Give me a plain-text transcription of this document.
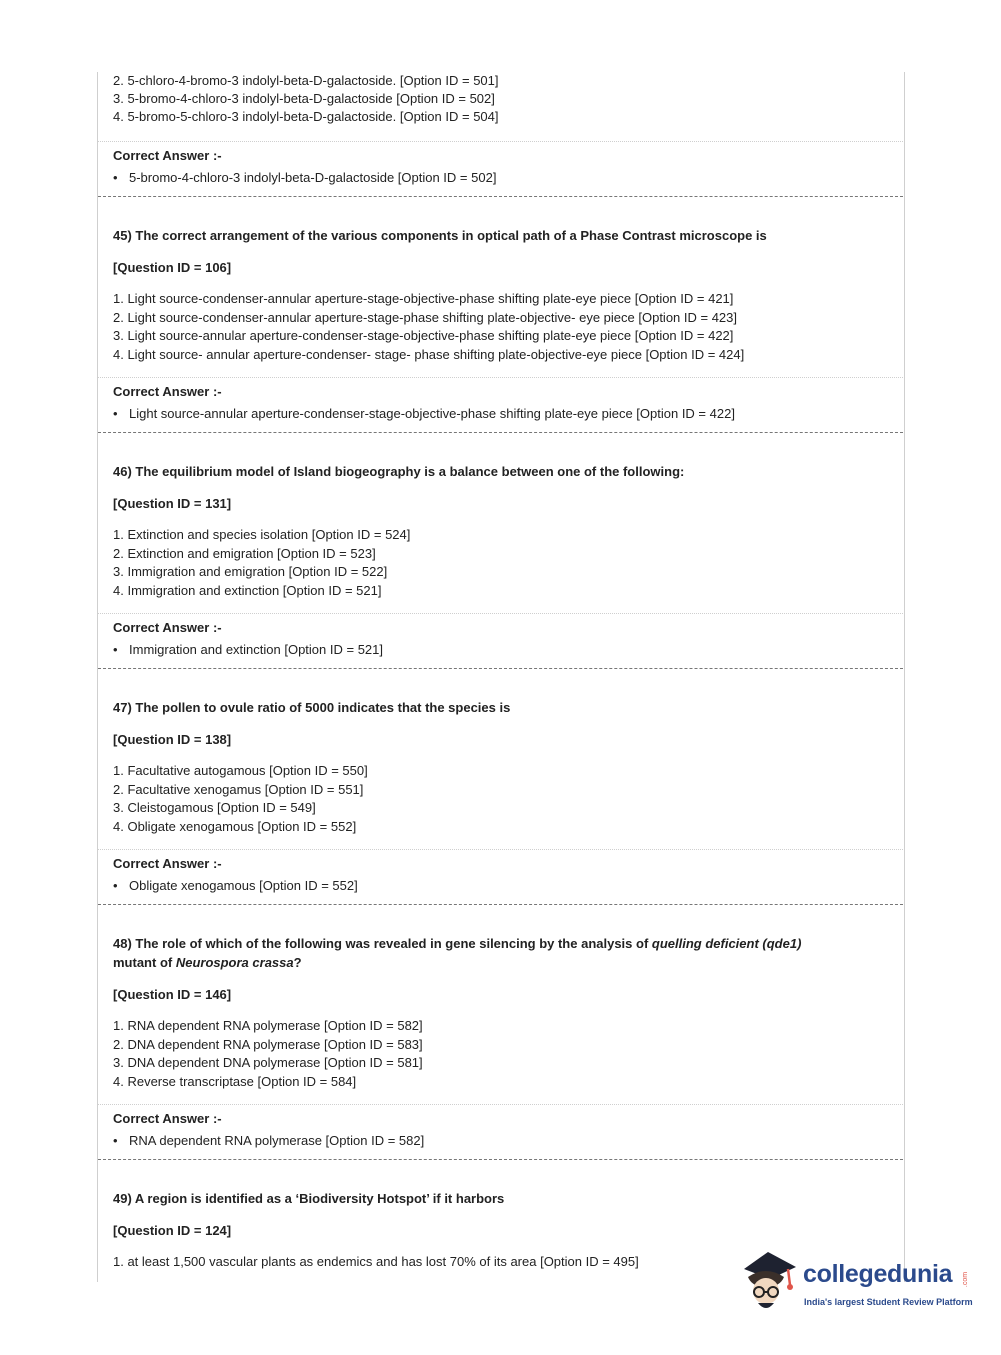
2. 5-chloro-4-bromo-3 indolyl-beta-D-galactoside. [Option ID = 501]
3. 5-bromo-4-chloro-3 indolyl-beta-D-galactoside [Option ID = 502]
4. 5-bromo-5-chloro-3 indolyl-beta-D-galactoside. [Option ID = 504]
Correct Answer :-
• 5-bromo-4-chloro-3 indolyl-beta-D-galactoside [Option ID = 502]
45) The correct arrangement of the various components in optical path of a Phase Contrast microscope is
[Question ID = 106]
1. Light source-condenser-annular aperture-stage-objective-phase shifting plate-eye piece [Option ID = 421]
2. Light source-condenser-annular aperture-stage-phase shifting plate-objective- eye piece [Option ID = 423]
3. Light source-annular aperture-condenser-stage-objective-phase shifting plate-eye piece [Option ID = 422]
4. Light source- annular aperture-condenser- stage- phase shifting plate-objective-eye piece [Option ID = 424]
Correct Answer :-
• Light source-annular aperture-condenser-stage-objective-phase shifting plate-eye piece [Option ID = 422]
46) The equilibrium model of Island biogeography is a balance between one of the following:
[Question ID = 131]
1. Extinction and species isolation [Option ID = 524]
2. Extinction and emigration [Option ID = 523]
3. Immigration and emigration [Option ID = 522]
4. Immigration and extinction [Option ID = 521]
Correct Answer :-
• Immigration and extinction [Option ID = 521]
47) The pollen to ovule ratio of 5000 indicates that the species is
[Question ID = 138]
1. Facultative autogamous [Option ID = 550]
2. Facultative xenogamus [Option ID = 551]
3. Cleistogamous [Option ID = 549]
4. Obligate xenogamous [Option ID = 552]
Correct Answer :-
• Obligate xenogamous [Option ID = 552]
48) The role of which of the following was revealed in gene silencing by the analysis of quelling deficient (qde1)
mutant of Neurospora crassa?
[Question ID = 146]
1. RNA dependent RNA polymerase [Option ID = 582]
2. DNA dependent RNA polymerase [Option ID = 583]
3. DNA dependent DNA polymerase [Option ID = 581]
4. Reverse transcriptase [Option ID = 584]
Correct Answer :-
• RNA dependent RNA polymerase [Option ID = 582]
49) A region is identified as a ‘Biodiversity Hotspot’ if it harbors
[Question ID = 124]
1. at least 1,500 vascular plants as endemics and has lost 70% of its area [Option ID = 495]	collegedunia .com
India's largest Student Review Platform
